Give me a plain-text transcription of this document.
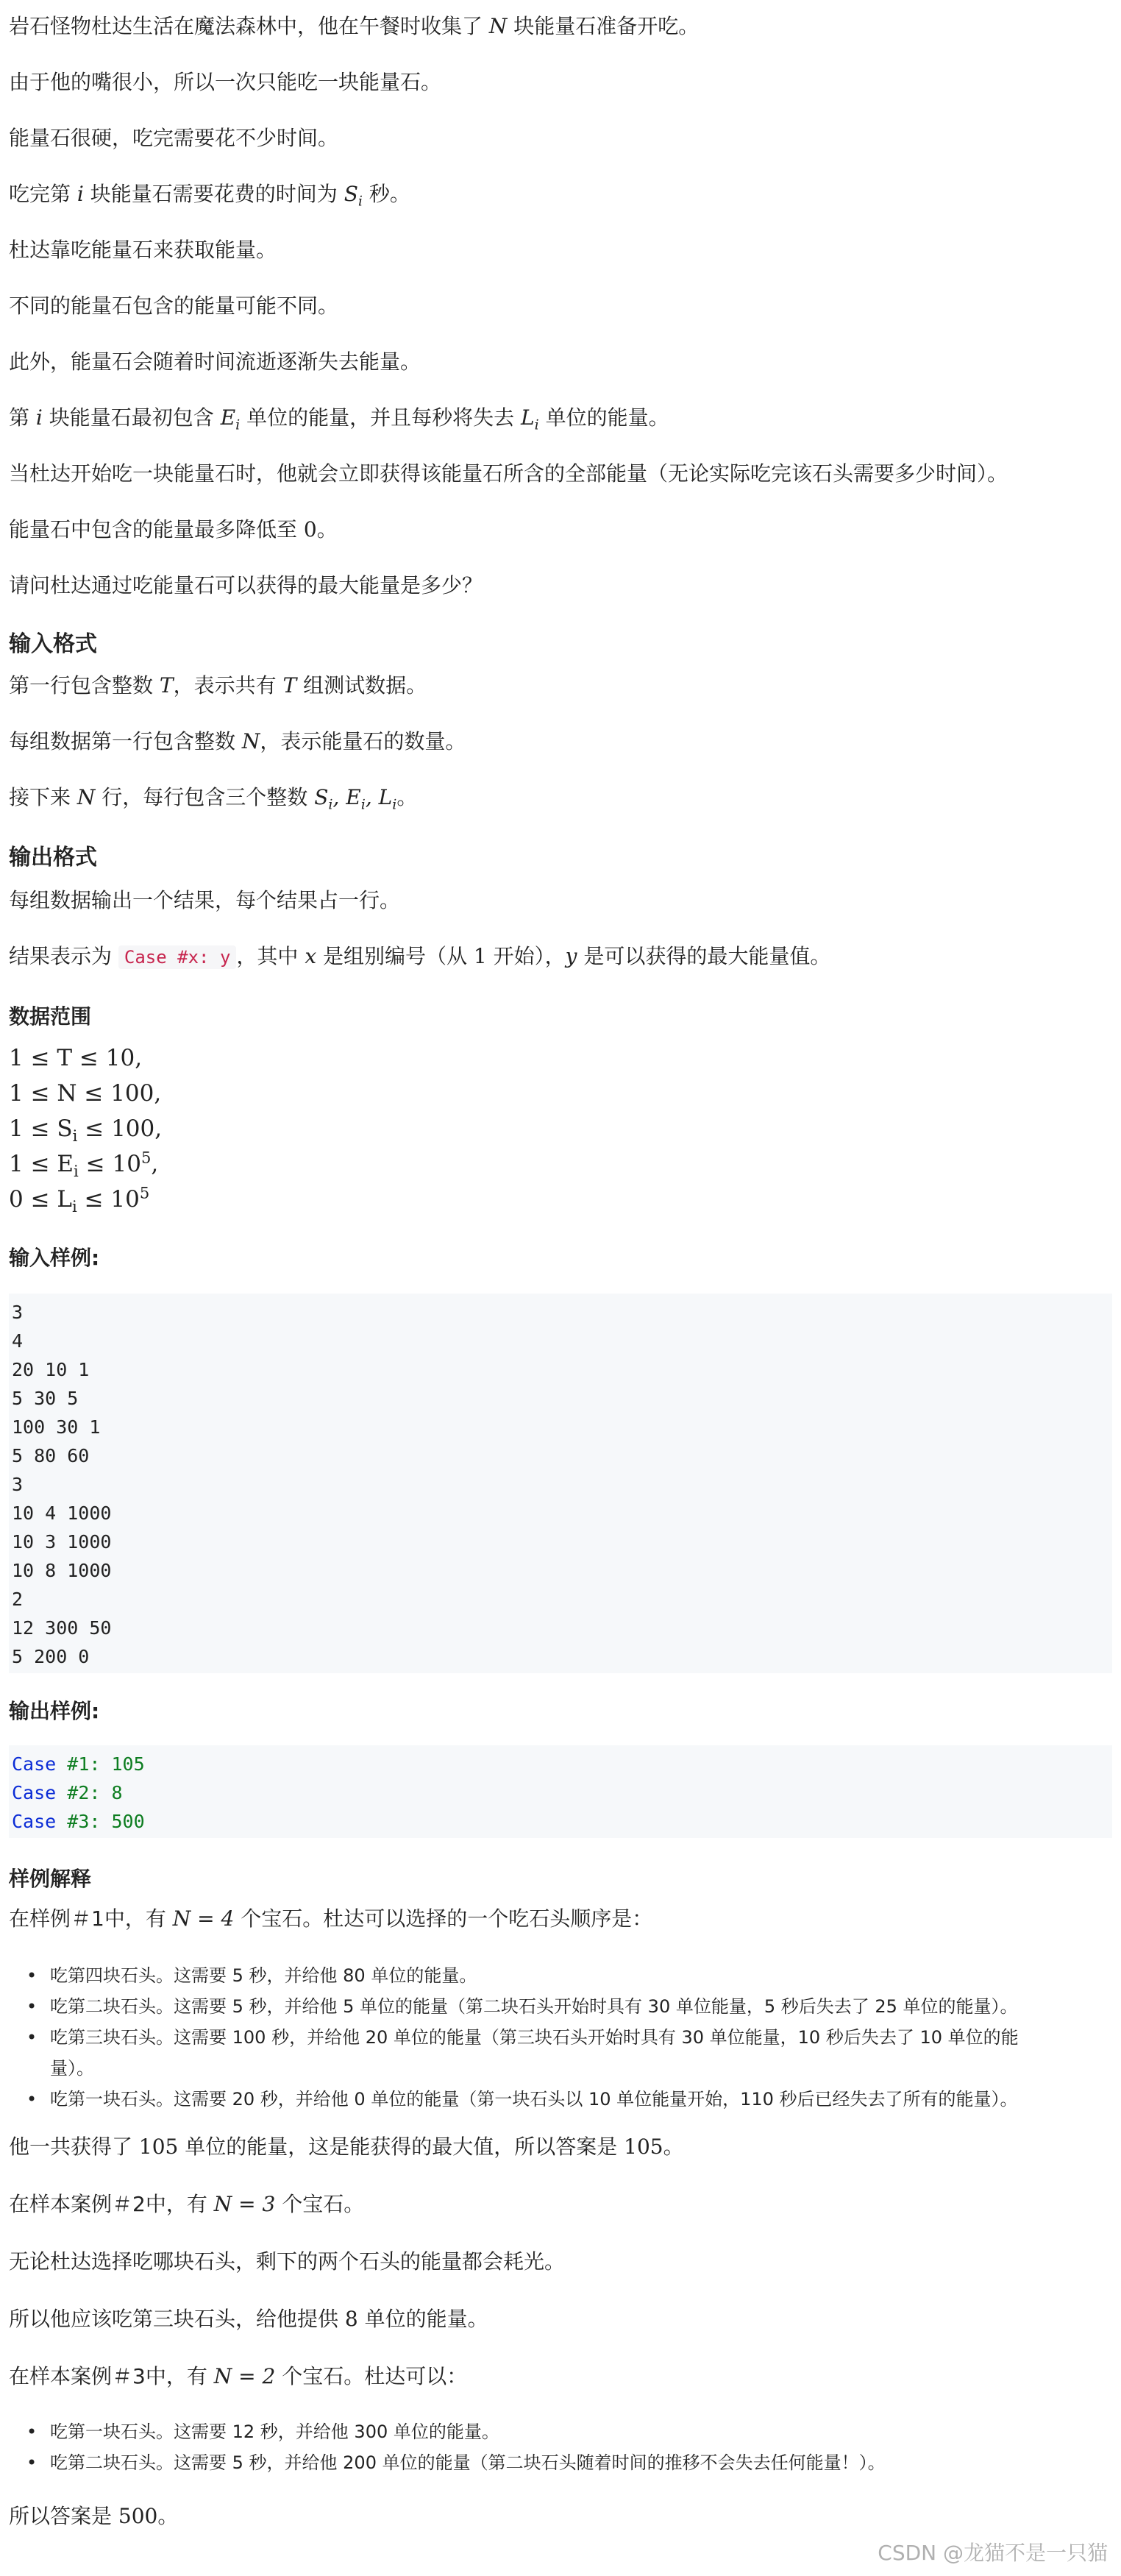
岩石怪物杜达生活在魔法森林中，他在午餐时收集了 N 块能量石准备开吃。

由于他的嘴很小，所以一次只能吃一块能量石。

能量石很硬，吃完需要花不少时间。

吃完第 i 块能量石需要花费的时间为 $S_i$ 秒。

杜达靠吃能量石来获取能量。

不同的能量石包含的能量可能不同。

此外，能量石会随着时间流逝逐渐失去能量。

第 i 块能量石最初包含 $E_i$ 单位的能量，并且每秒将失去 $L_i$ 单位的能量。

当杜达开始吃一块能量石时，他就会立即获得该能量石所含的全部能量（无论实际吃完该石头需要多少时间）。

能量石中包含的能量最多降低至 0。

请问杜达通过吃能量石可以获得的最大能量是多少？

输入格式

第一行包含整数 T，表示共有 T 组测试数据。

每组数据第一行包含整数 N，表示能量石的数量。

接下来 N 行，每行包含三个整数 $S_i$, $E_i$, $L_i$。

输出格式

每组数据输出一个结果，每个结果占一行。

结果表示为 Case #x: y ，其中 x 是组别编号（从 1 开始），y 是可以获得的最大能量值。

数据范围

1 ≤ T ≤ 10,
1 ≤ N ≤ 100,
$1 \le S_i \le 100$,
$1 \le E_i \le 10^5$,
$0 \le L_i \le 10^5$

输入样例:

3
4
20 10 1
5 30 5
100 30 1
5 80 60
3
10 4 1000
10 3 1000
10 8 1000
2
12 300 50
5 200 0

输出样例:

Case #1: 105
Case #2: 8
Case #3: 500

样例解释

在样例＃1中，有 N = 4 个宝石。杜达可以选择的一个吃石头顺序是：

• 吃第四块石头。这需要 5 秒，并给他 80 单位的能量。
• 吃第二块石头。这需要 5 秒，并给他 5 单位的能量（第二块石头开始时具有 30 单位能量，5 秒后失去了 25 单位的能量）。
• 吃第三块石头。这需要 100 秒，并给他 20 单位的能量（第三块石头开始时具有 30 单位能量，10 秒后失去了 10 单位的能
量）。
• 吃第一块石头。这需要 20 秒，并给他 0 单位的能量（第一块石头以 10 单位能量开始，110 秒后已经失去了所有的能量）。

他一共获得了 105 单位的能量，这是能获得的最大值，所以答案是 105。

在样本案例＃2中，有 N = 3 个宝石。

无论杜达选择吃哪块石头，剩下的两个石头的能量都会耗光。

所以他应该吃第三块石头，给他提供 8 单位的能量。

在样本案例＃3中，有 N = 2 个宝石。杜达可以：

• 吃第一块石头。这需要 12 秒，并给他 300 单位的能量。
• 吃第二块石头。这需要 5 秒，并给他 200 单位的能量（第二块石头随着时间的推移不会失去任何能量！）。

所以答案是 500。

CSDN @龙猫不是一只猫
